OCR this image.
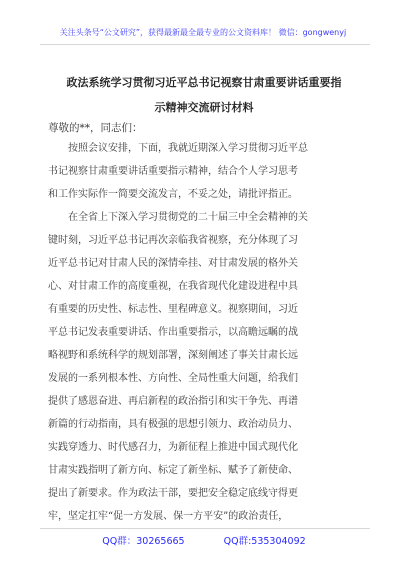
关注头条号“公文研究”，获得最新最全最专业的公文资料库！ 微信：gongwenyj
政法系统学习贯彻习近平总书记视察甘肃重要讲话重要指
示精神交流研讨材料
尊敬的**，同志们：
按照会议安排，下面，我就近期深入学习贯彻习近平总
书记视察甘肃重要讲话重要指示精神，结合个人学习思考
和工作实际作一简要交流发言，不妥之处，请批评指正。
在全省上下深入学习贯彻党的二十届三中全会精神的关
键时刻，习近平总书记再次亲临我省视察，充分体现了习
近平总书记对甘肃人民的深情牵挂、对甘肃发展的格外关
心、对甘肃工作的高度重视，在我省现代化建设进程中具
有重要的历史性、标志性、里程碑意义。视察期间，习近
平总书记发表重要讲话、作出重要指示，以高瞻远瞩的战
略视野和系统科学的规划部署，深刻阐述了事关甘肃长远
发展的一系列根本性、方向性、全局性重大问题，给我们
提供了感恩奋进、再启新程的政治指引和实干争先、再谱
新篇的行动指南，具有极强的思想引领力、政治动员力、
实践穿透力、时代感召力，为新征程上推进中国式现代化
甘肃实践指明了新方向、标定了新坐标、赋予了新使命、
提出了新要求。作为政法干部，要把安全稳定底线守得更
牢，坚定扛牢“促一方发展、保一方平安”的政治责任，
QQ群：30265665	QQ群:535304092
